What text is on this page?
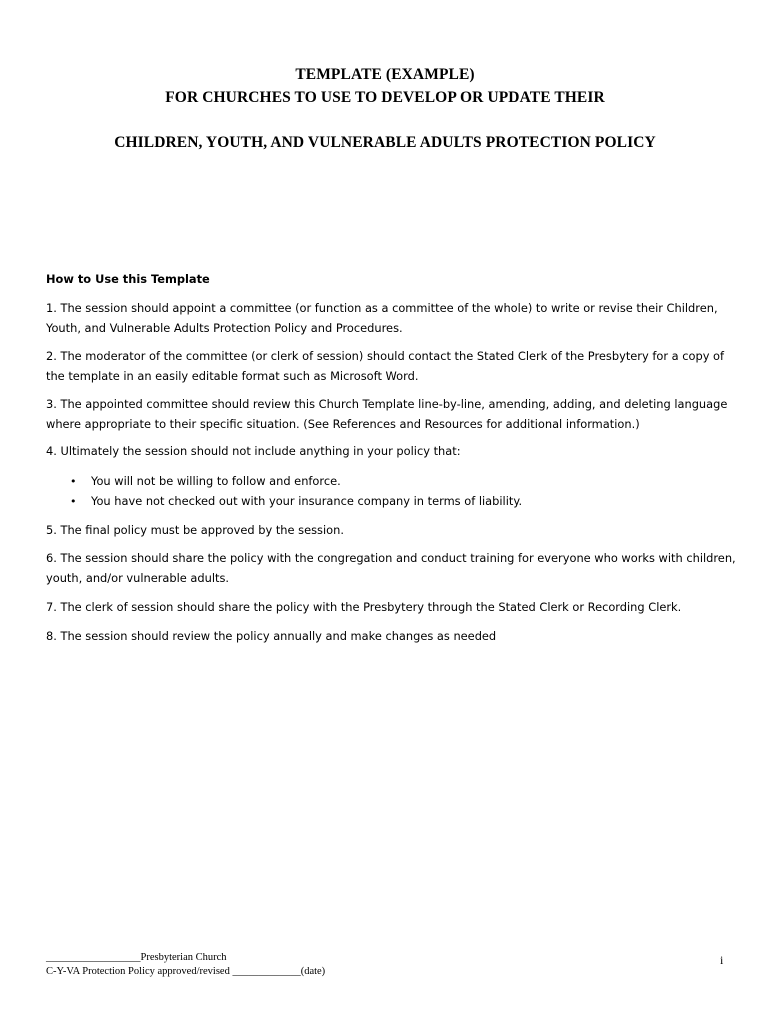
TEMPLATE (EXAMPLE)
FOR CHURCHES TO USE TO DEVELOP OR UPDATE THEIR
CHILDREN, YOUTH, AND VULNERABLE ADULTS PROTECTION POLICY
How to Use this Template

1. The session should appoint a committee (or function as a committee of the whole) to write or revise their Children, Youth, and Vulnerable Adults Protection Policy and Procedures.

2. The moderator of the committee (or clerk of session) should contact the Stated Clerk of the Presbytery for a copy of the template in an easily editable format such as Microsoft Word.

3. The appointed committee should review this Church Template line-by-line, amending, adding, and deleting language where appropriate to their specific situation. (See References and Resources for additional information.)

4. Ultimately the session should not include anything in your policy that:

• You will not be willing to follow and enforce.
• You have not checked out with your insurance company in terms of liability.

5. The final policy must be approved by the session.

6. The session should share the policy with the congregation and conduct training for everyone who works with children, youth, and/or vulnerable adults.

7. The clerk of session should share the policy with the Presbytery through the Stated Clerk or Recording Clerk.

8. The session should review the policy annually and make changes as needed

__________________Presbyterian Church
C-Y-VA Protection Policy approved/revised _____________(date)
i
